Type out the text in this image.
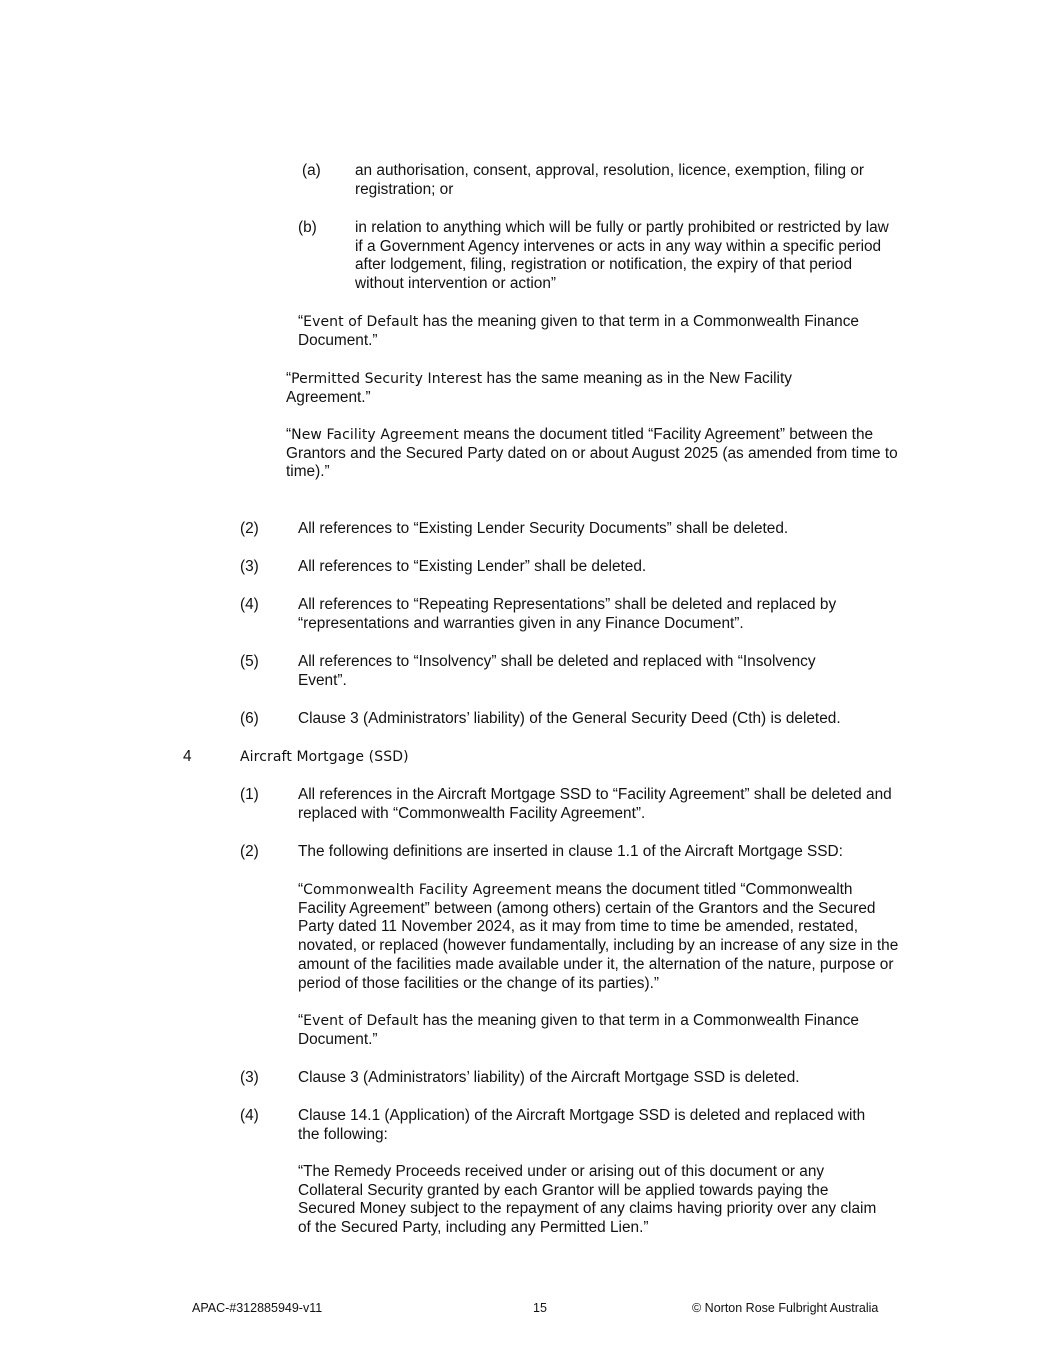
(a) an authorisation, consent, approval, resolution, licence, exemption, filing or registration; or

(b) in relation to anything which will be fully or partly prohibited or restricted by law if a Government Agency intervenes or acts in any way within a specific period after lodgement, filing, registration or notification, the expiry of that period without intervention or action”

“Event of Default has the meaning given to that term in a Commonwealth Finance Document.”

“Permitted Security Interest has the same meaning as in the New Facility Agreement.”

“New Facility Agreement means the document titled “Facility Agreement” between the Grantors and the Secured Party dated on or about August 2025 (as amended from time to time).”

(2)	All references to “Existing Lender Security Documents” shall be deleted.

(3)	All references to “Existing Lender” shall be deleted.

(4)	All references to “Repeating Representations” shall be deleted and replaced by “representations and warranties given in any Finance Document”.

(5)	All references to “Insolvency” shall be deleted and replaced with “Insolvency Event”.

(6)	Clause 3 (Administrators’ liability) of the General Security Deed (Cth) is deleted.

4	Aircraft Mortgage (SSD)
(1)	All references in the Aircraft Mortgage SSD to “Facility Agreement” shall be deleted and replaced with “Commonwealth Facility Agreement”.

(2)	The following definitions are inserted in clause 1.1 of the Aircraft Mortgage SSD:

“Commonwealth Facility Agreement means the document titled “Commonwealth Facility Agreement” between (among others) certain of the Grantors and the Secured Party dated 11 November 2024, as it may from time to time be amended, restated, novated, or replaced (however fundamentally, including by an increase of any size in the amount of the facilities made available under it, the alternation of the nature, purpose or period of those facilities or the change of its parties).”

“Event of Default has the meaning given to that term in a Commonwealth Finance Document.”

(3)	Clause 3 (Administrators’ liability) of the Aircraft Mortgage SSD is deleted.

(4)	Clause 14.1 (Application) of the Aircraft Mortgage SSD is deleted and replaced with the following:

“The Remedy Proceeds received under or arising out of this document or any Collateral Security granted by each Grantor will be applied towards paying the Secured Money subject to the repayment of any claims having priority over any claim of the Secured Party, including any Permitted Lien.”

APAC-#312885949-v11	15	© Norton Rose Fulbright Australia
